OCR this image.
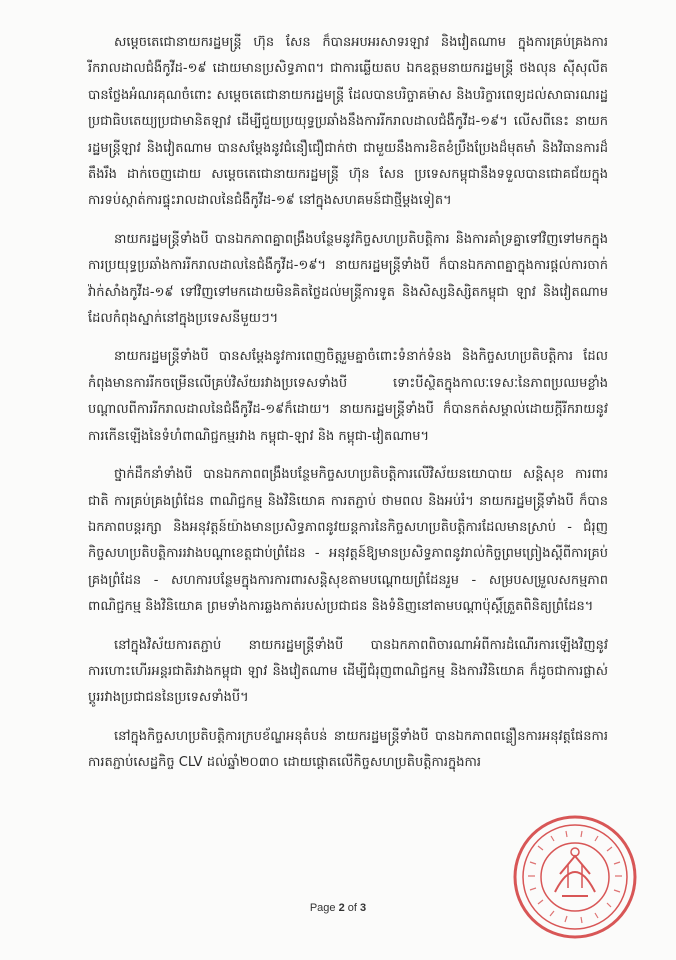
សម្ដេចតេជោនាយករដ្ឋមន្ត្រី ហ៊ុន សែន ក៏បានអបអរសាទរឡាវ និងវៀតណាម ក្នុងការគ្រប់គ្រងការរីករាលដាលជំងឺកូវីដ-១៩ ដោយមានប្រសិទ្ធភាព។ ជាការឆ្លើយតប ឯកឧត្តមនាយករដ្ឋមន្ត្រី ថងលុន ស៊ីសុលីត បានថ្លែងអំណរគុណចំពោះ សម្ដេចតេជោនាយករដ្ឋមន្ត្រី ដែលបានបរិច្ចាគម៉ាស និងបរិក្ខារពេទ្យដល់សាធារណរដ្ឋប្រជាធិបតេយ្យប្រជាមានិតឡាវ ដើម្បីជួយប្រយុទ្ធប្រឆាំងនឹងការរីករាលដាលជំងឺកូវីដ-១៩។ លើសពីនេះ នាយករដ្ឋមន្ត្រីឡាវ និងវៀតណាម បានសម្ដែងនូវជំនឿជឿជាក់ថា ជាមួយនឹងការខិតខំប្រឹងប្រែងដ៏មុតមាំ និងវិធានការដ៏តឹងរឹង ដាក់ចេញដោយ សម្ដេចតេជោនាយករដ្ឋមន្ត្រី ហ៊ុន សែន ប្រទេសកម្ពុជានឹងទទួលបានជោគជ័យក្នុងការទប់ស្កាត់ការផ្ទុះរាលដាលនៃជំងឺកូវីដ-១៩ នៅក្នុងសហគមន៍ជាថ្មីម្ដងទៀត។

នាយករដ្ឋមន្ត្រីទាំងបី បានឯកភាពគ្នាពង្រឹងបន្ថែមនូវកិច្ចសហប្រតិបត្តិការ និងការគាំទ្រគ្នាទៅវិញទៅមកក្នុងការប្រយុទ្ធប្រឆាំងការរីករាលដាលនៃជំងឺកូវីដ-១៩។ នាយករដ្ឋមន្ត្រីទាំងបី ក៏បានឯកភាពគ្នាក្នុងការផ្ដល់ការចាក់វ៉ាក់សាំងកូវីដ-១៩ ទៅវិញទៅមកដោយមិនគិតថ្លៃដល់មន្ត្រីការទូត និងសិស្សនិស្សិតកម្ពុជា ឡាវ និងវៀតណាម ដែលកំពុងស្នាក់នៅក្នុងប្រទេសនីមួយៗ។

នាយករដ្ឋមន្ត្រីទាំងបី បានសម្ដែងនូវការពេញចិត្តរួមគ្នាចំពោះទំនាក់ទំនង និងកិច្ចសហប្រតិបត្តិការ ដែលកំពុងមានការរីកចម្រើនលើគ្រប់វិស័យរវាងប្រទេសទាំងបី ទោះបីស្ថិតក្នុងកាលៈទេសៈនៃភាពប្រឈមខ្លាំងបណ្ដាលពីការរីករាលដាលនៃជំងឺកូវីដ-១៩ក៏ដោយ។ នាយករដ្ឋមន្ត្រីទាំងបី ក៏បានកត់សម្គាល់ដោយក្ដីរីករាយនូវការកើនឡើងនៃទំហំពាណិជ្ជកម្មរវាង កម្ពុជា-ឡាវ និង កម្ពុជា-វៀតណាម។

ថ្នាក់ដឹកនាំទាំងបី បានឯកភាពពង្រឹងបន្ថែមកិច្ចសហប្រតិបត្តិការលើវិស័យនយោបាយ សន្តិសុខ ការពារជាតិ ការគ្រប់គ្រងព្រំដែន ពាណិជ្ជកម្ម និងវិនិយោគ ការតភ្ជាប់ ថាមពល និងអប់រំ។ នាយករដ្ឋមន្ត្រីទាំងបី ក៏បានឯកភាពបន្តរក្សា និងអនុវត្តន៍យ៉ាងមានប្រសិទ្ធភាពនូវយន្តការនៃកិច្ចសហប្រតិបត្តិការដែលមានស្រាប់ - ជំរុញកិច្ចសហប្រតិបត្តិការរវាងបណ្ដាខេត្តជាប់ព្រំដែន - អនុវត្តន៍ឱ្យមានប្រសិទ្ធភាពនូវរាល់កិច្ចព្រមព្រៀងស្ដីពីការគ្រប់គ្រងព្រំដែន - សហការបន្ថែមក្នុងការការពារសន្តិសុខតាមបណ្ដោយព្រំដែនរួម - សម្របសម្រួលសកម្មភាពពាណិជ្ជកម្ម និងវិនិយោគ ព្រមទាំងការឆ្លងកាត់របស់ប្រជាជន និងទំនិញនៅតាមបណ្ដាប៉ុស្តិ៍ត្រួតពិនិត្យព្រំដែន។

នៅក្នុងវិស័យការតភ្ជាប់ នាយករដ្ឋមន្ត្រីទាំងបី បានឯកភាពពិចារណាអំពីការដំណើរការឡើងវិញនូវការហោះហើរអន្តរជាតិរវាងកម្ពុជា ឡាវ និងវៀតណាម ដើម្បីជំរុញពាណិជ្ជកម្ម និងការវិនិយោគ ក៏ដូចជាការផ្លាស់ប្ដូររវាងប្រជាជននៃប្រទេសទាំងបី។

នៅក្នុងកិច្ចសហប្រតិបត្តិការក្របខ័ណ្ឌអនុតំបន់ នាយករដ្ឋមន្ត្រីទាំងបី បានឯកភាពពន្លឿនការអនុវត្តផែនការការតភ្ជាប់សេដ្ឋកិច្ច CLV ដល់ឆ្នាំ២០៣០ ដោយផ្ដោតលើកិច្ចសហប្រតិបត្តិការក្នុងការ

Page 2 of 3
